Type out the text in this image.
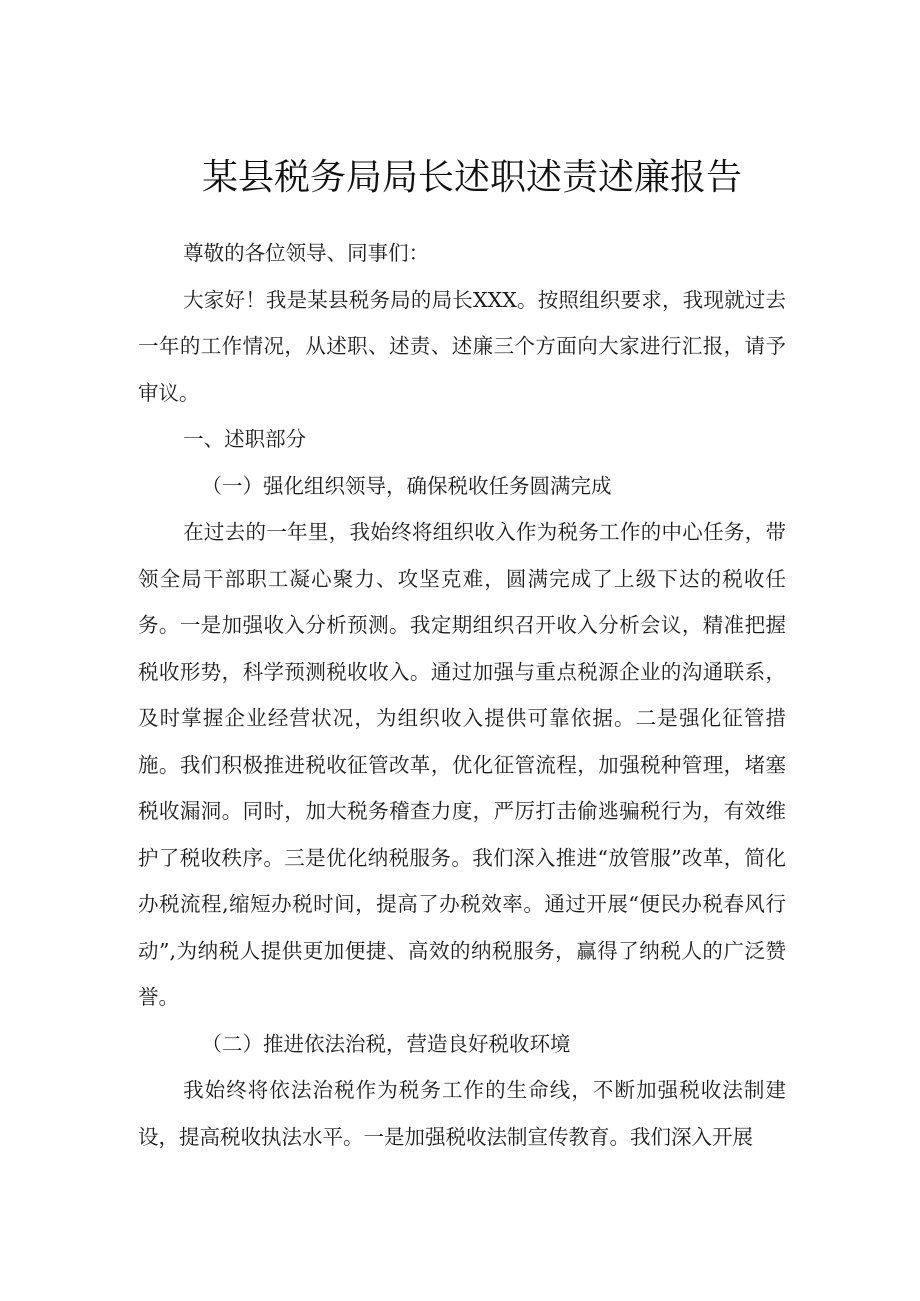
某县税务局局长述职述责述廉报告

尊敬的各位领导、同事们：

大家好！我是某县税务局的局长XXX。按照组织要求，我现就过去一年的工作情况，从述职、述责、述廉三个方面向大家进行汇报，请予审议。

一、述职部分

（一）强化组织领导，确保税收任务圆满完成

在过去的一年里，我始终将组织收入作为税务工作的中心任务，带领全局干部职工凝心聚力、攻坚克难，圆满完成了上级下达的税收任务。一是加强收入分析预测。我定期组织召开收入分析会议，精准把握税收形势，科学预测税收收入。通过加强与重点税源企业的沟通联系，及时掌握企业经营状况，为组织收入提供可靠依据。二是强化征管措施。我们积极推进税收征管改革，优化征管流程，加强税种管理，堵塞税收漏洞。同时，加大税务稽查力度，严厉打击偷逃骗税行为，有效维护了税收秩序。三是优化纳税服务。我们深入推进“放管服”改革，简化办税流程,缩短办税时间，提高了办税效率。通过开展“便民办税春风行动”,为纳税人提供更加便捷、高效的纳税服务，赢得了纳税人的广泛赞誉。

（二）推进依法治税，营造良好税收环境

我始终将依法治税作为税务工作的生命线，不断加强税收法制建设，提高税收执法水平。一是加强税收法制宣传教育。我们深入开展
